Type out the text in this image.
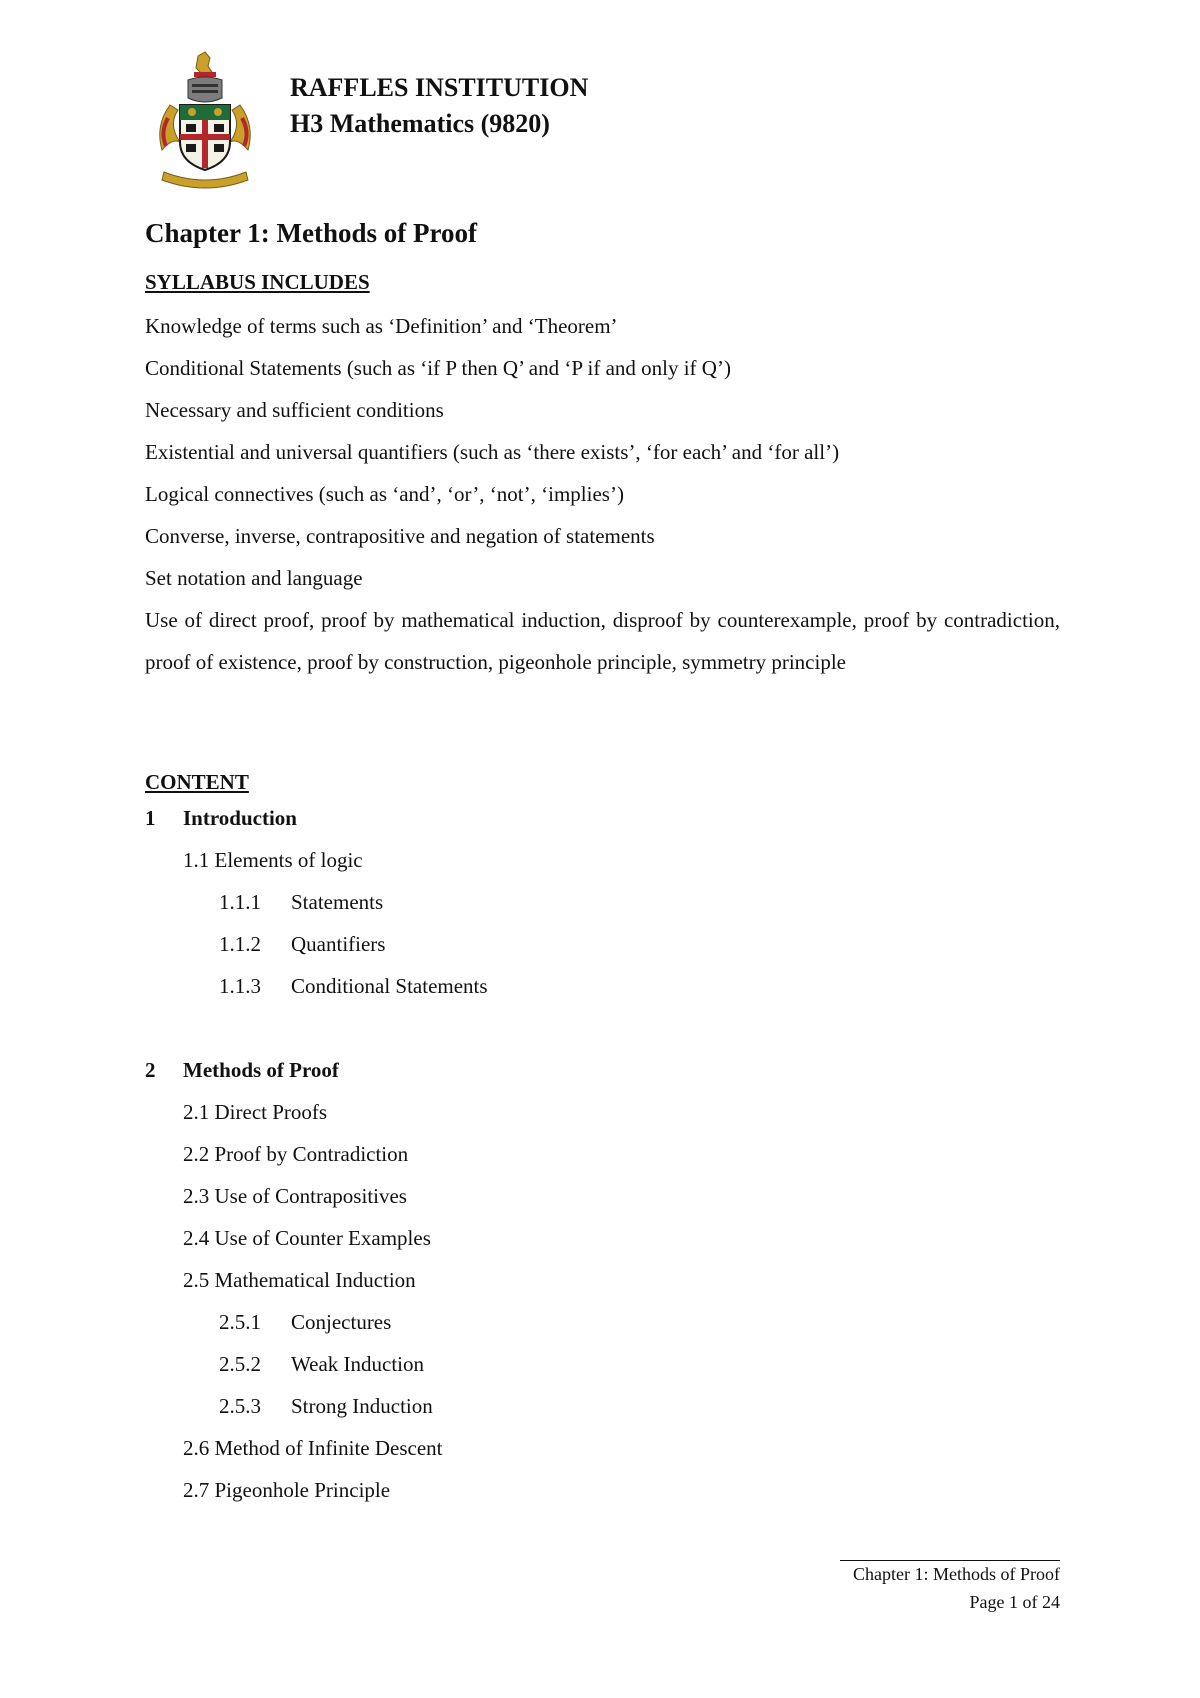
RAFFLES INSTITUTION
H3 Mathematics (9820)
Chapter 1: Methods of Proof
SYLLABUS INCLUDES
Knowledge of terms such as ‘Definition’ and ‘Theorem’
Conditional Statements (such as ‘if P then Q’ and ‘P if and only if Q’)
Necessary and sufficient conditions
Existential and universal quantifiers (such as ‘there exists’, ‘for each’ and ‘for all’)
Logical connectives (such as ‘and’, ‘or’, ‘not’, ‘implies’)
Converse, inverse, contrapositive and negation of statements
Set notation and language
Use of direct proof, proof by mathematical induction, disproof by counterexample, proof by contradiction, proof of existence, proof by construction, pigeonhole principle, symmetry principle
CONTENT
1 Introduction
1.1 Elements of logic
1.1.1 Statements
1.1.2 Quantifiers
1.1.3 Conditional Statements
2 Methods of Proof
2.1 Direct Proofs
2.2 Proof by Contradiction
2.3 Use of Contrapositives
2.4 Use of Counter Examples
2.5 Mathematical Induction
2.5.1 Conjectures
2.5.2 Weak Induction
2.5.3 Strong Induction
2.6 Method of Infinite Descent
2.7 Pigeonhole Principle
Chapter 1: Methods of Proof
Page 1 of 24
